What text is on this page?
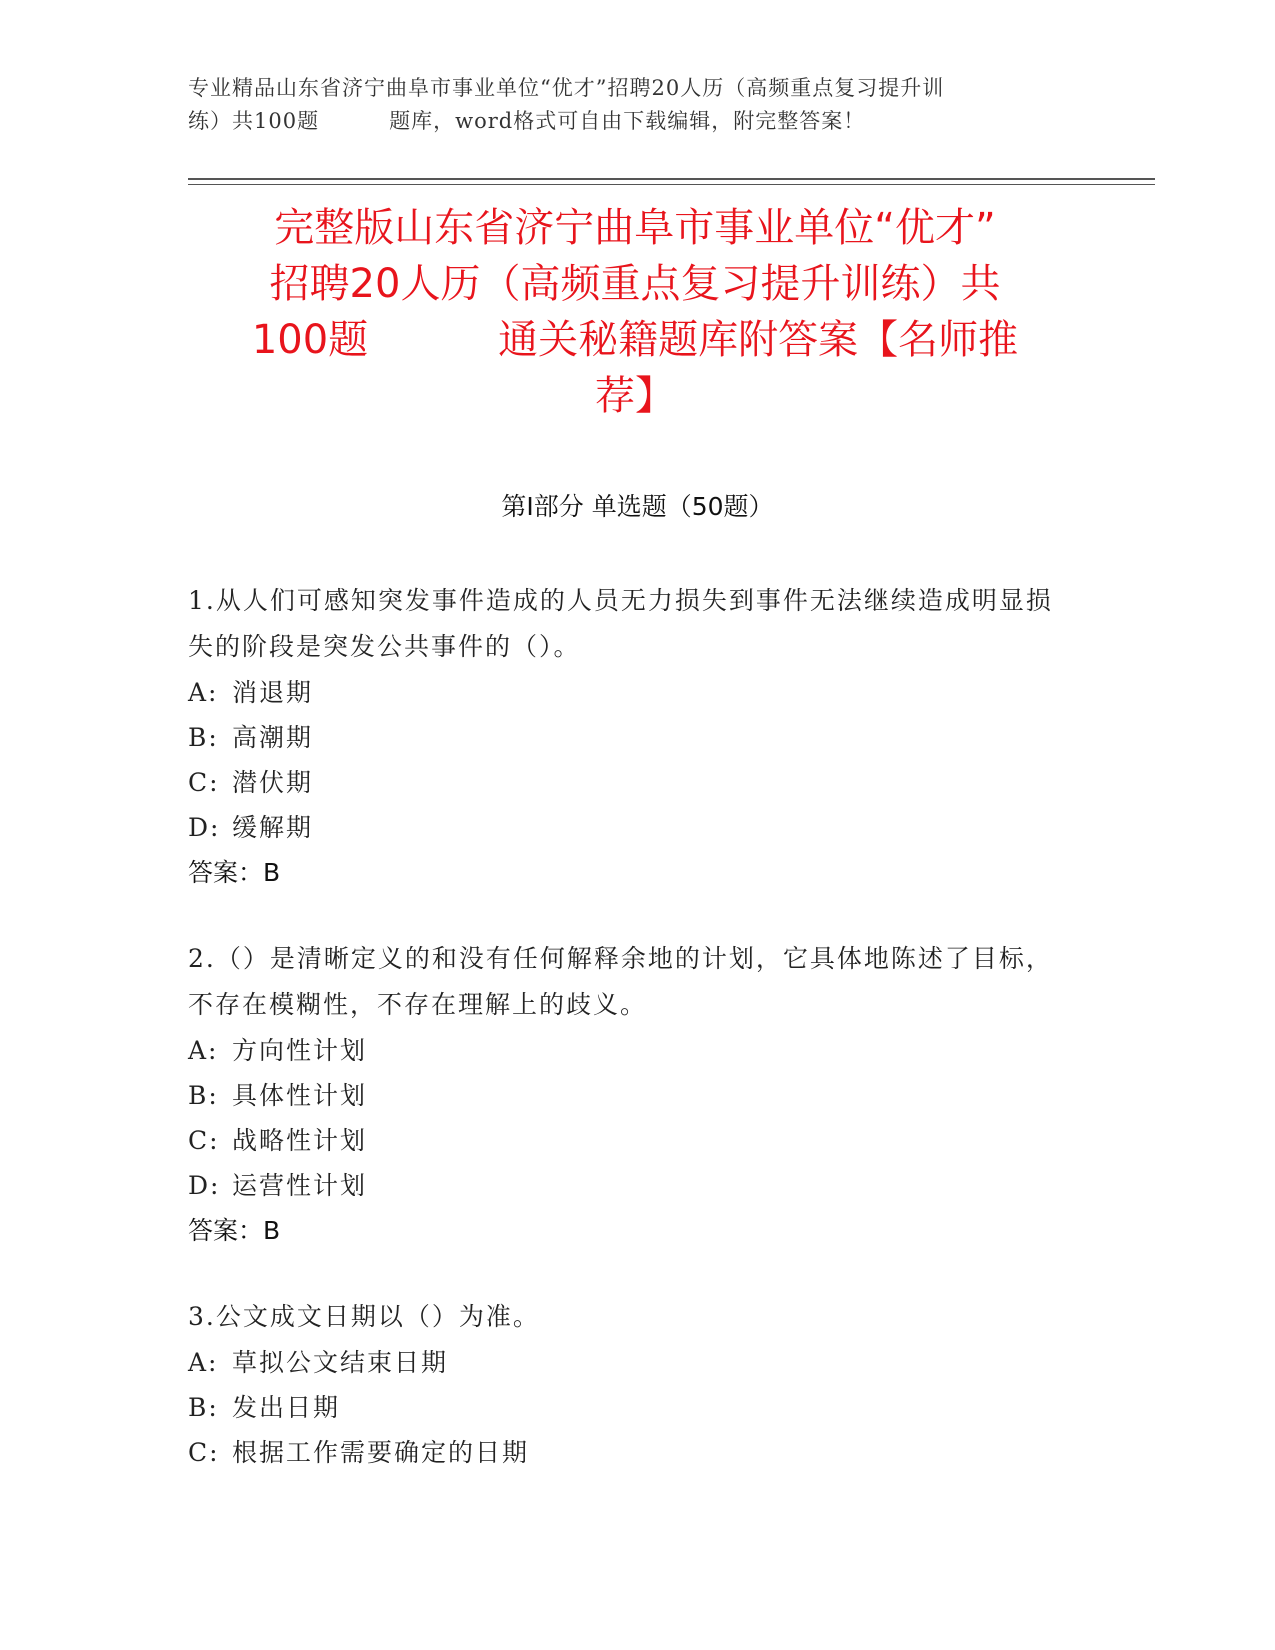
专业精品山东省济宁曲阜市事业单位“优才”招聘20人历（高频重点复习提升训
练）共100题	题库，word格式可自由下载编辑，附完整答案！
完整版山东省济宁曲阜市事业单位“优才”
招聘20人历（高频重点复习提升训练）共
100题	通关秘籍题库附答案【名师推
荐】
第Ⅰ部分 单选题（50题）
1.从人们可感知突发事件造成的人员无力损失到事件无法继续造成明显损失的阶段是突发公共事件的（）。
A: 消退期
B: 高潮期
C: 潜伏期
D: 缓解期
答案：B
2.（）是清晰定义的和没有任何解释余地的计划，它具体地陈述了目标，不存在模糊性，不存在理解上的歧义。
A: 方向性计划
B: 具体性计划
C: 战略性计划
D: 运营性计划
答案：B
3.公文成文日期以（）为准。
A: 草拟公文结束日期
B: 发出日期
C: 根据工作需要确定的日期
